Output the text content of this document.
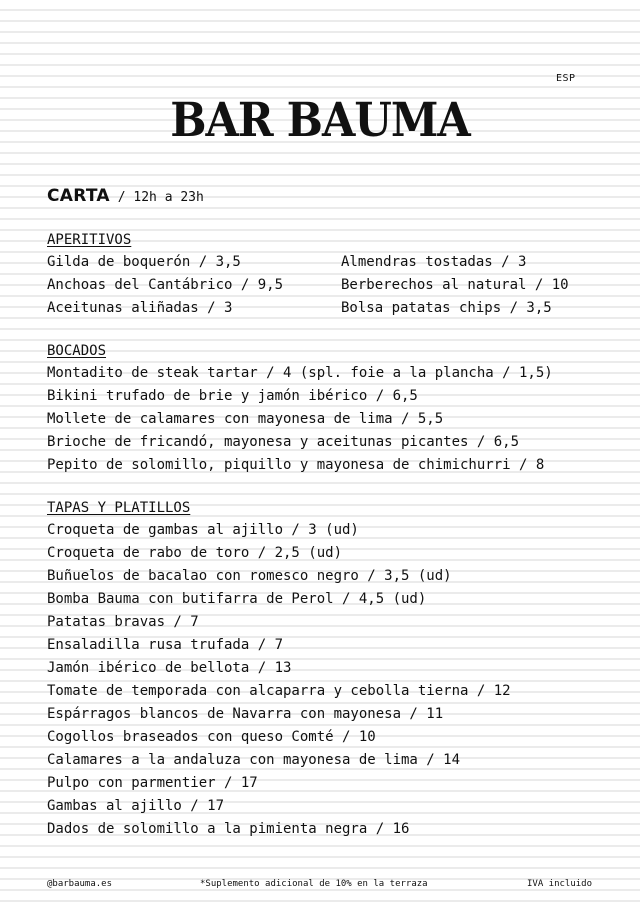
ESP
BAR BAUMA
CARTA / 12h a 23h
APERITIVOS
Gilda de boquerón / 3,5
Anchoas del Cantábrico / 9,5
Aceitunas aliñadas / 3
Almendras tostadas / 3
Berberechos al natural / 10
Bolsa patatas chips / 3,5
BOCADOS
Montadito de steak tartar / 4 (spl. foie a la plancha / 1,5)
Bikini trufado de brie y jamón ibérico / 6,5
Mollete de calamares con mayonesa de lima / 5,5
Brioche de fricandó, mayonesa y aceitunas picantes / 6,5
Pepito de solomillo, piquillo y mayonesa de chimichurri / 8
TAPAS Y PLATILLOS
Croqueta de gambas al ajillo / 3 (ud)
Croqueta de rabo de toro / 2,5 (ud)
Buñuelos de bacalao con romesco negro / 3,5 (ud)
Bomba Bauma con butifarra de Perol / 4,5 (ud)
Patatas bravas / 7
Ensaladilla rusa trufada / 7
Jamón ibérico de bellota / 13
Tomate de temporada con alcaparra y cebolla tierna / 12
Espárragos blancos de Navarra con mayonesa / 11
Cogollos braseados con queso Comté / 10
Calamares a la andaluza con mayonesa de lima / 14
Pulpo con parmentier / 17
Gambas al ajillo / 17
Dados de solomillo a la pimienta negra / 16
@barbauma.es	*Suplemento adicional de 10% en la terraza	IVA incluido
